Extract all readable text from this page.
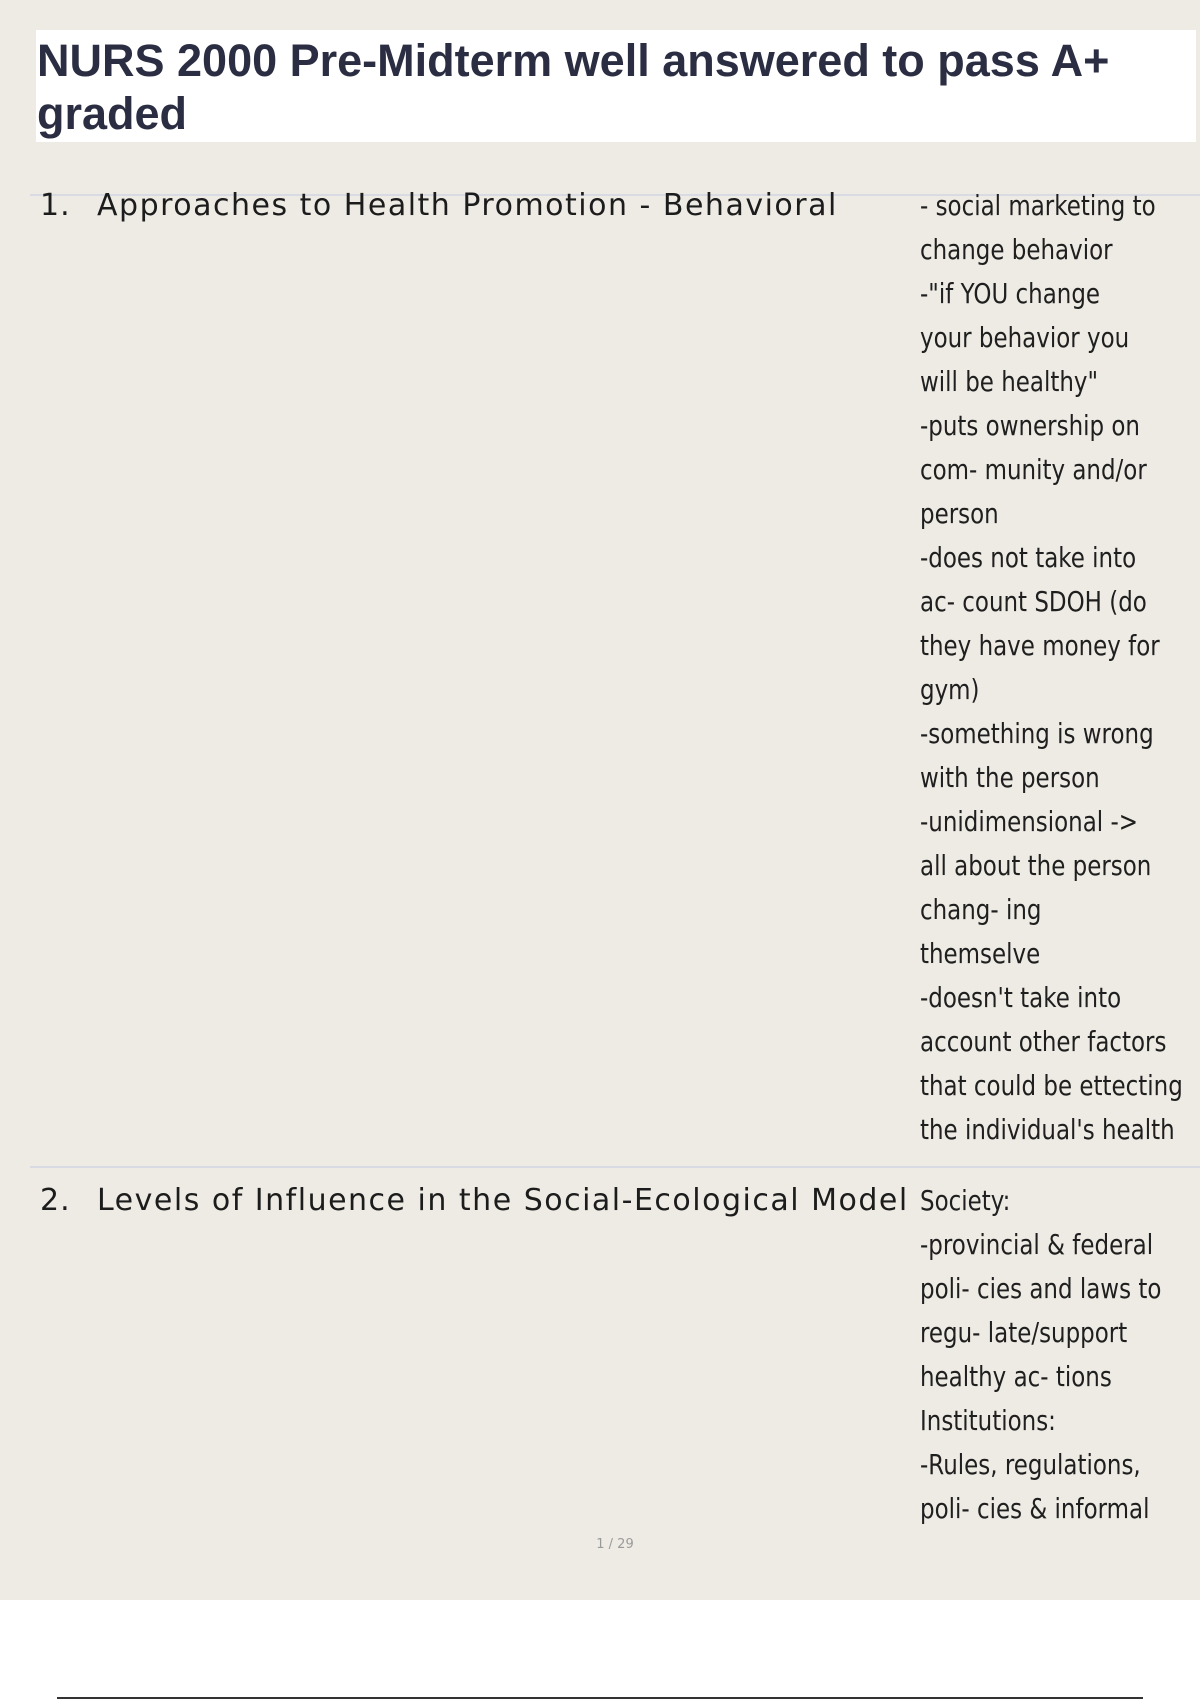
NURS 2000 Pre-Midterm well answered to pass A+ graded
1. Approaches to Health Promotion - Behavioral	- social marketing to
change behavior
-"if YOU change
your behavior you
will be healthy"
-puts ownership on
com- munity and/or
person
-does not take into
ac- count SDOH (do
they have money for
gym)
-something is wrong
with the person
-unidimensional ->
all about the person
chang- ing
themselve
-doesn't take into
account other factors
that could be ettecting
the individual's health
2. Levels of Influence in the Social-Ecological Model Society:
-provincial & federal
poli- cies and laws to
regu- late/support
healthy ac- tions
Institutions:
-Rules, regulations,
poli- cies & informal
1 / 29
